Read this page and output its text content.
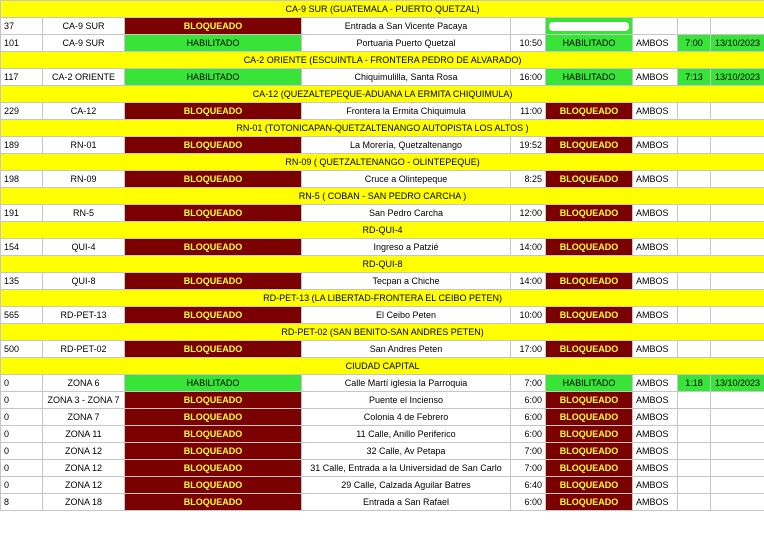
CA-9 SUR (GUATEMALA - PUERTO QUETZAL)								
37	CA-9 SUR	BLOQUEADO	Entrada a San Vicente Pacaya					
101	CA-9 SUR	HABILITADO	Portuaria Puerto Quetzal	10:50	HABILITADO	AMBOS	7:00	13/10/2023
CA-2 ORIENTE (ESCUINTLA - FRONTERA PEDRO DE ALVARADO)								
117	CA-2 ORIENTE	HABILITADO	Chiquimulilla, Santa Rosa	16:00	HABILITADO	AMBOS	7:13	13/10/2023
CA-12 (QUEZALTEPEQUE-ADUANA LA ERMITA CHIQUIMULA)								
229	CA-12	BLOQUEADO	Frontera la Ermita Chiquimula	11:00	BLOQUEADO	AMBOS		
RN-01 (TOTONICAPAN-QUETZALTENANGO AUTOPISTA LOS ALTOS )								
189	RN-01	BLOQUEADO	La Morería, Quetzaltenango	19:52	BLOQUEADO	AMBOS		
RN-09 ( QUETZALTENANGO - OLINTEPEQUE)								
198	RN-09	BLOQUEADO	Cruce a Olintepeque	8:25	BLOQUEADO	AMBOS		
RN-5 ( COBAN - SAN PEDRO CARCHA )								
191	RN-5	BLOQUEADO	San Pedro Carcha	12:00	BLOQUEADO	AMBOS		
RD-QUI-4								
154	QUI-4	BLOQUEADO	Ingreso a Patzié	14:00	BLOQUEADO	AMBOS		
RD-QUI-8								
135	QUI-8	BLOQUEADO	Tecpan a Chiche	14:00	BLOQUEADO	AMBOS		
RD-PET-13 (LA LIBERTAD-FRONTERA EL CEIBO PETEN)								
565	RD-PET-13	BLOQUEADO	El Ceibo Peten	10:00	BLOQUEADO	AMBOS		
RD-PET-02 (SAN BENITO-SAN ANDRES PETEN)								
500	RD-PET-02	BLOQUEADO	San Andres Peten	17:00	BLOQUEADO	AMBOS		
CIUDAD CAPITAL								
0	ZONA 6	HABILITADO	Calle Martí iglesia la Parroquia	7:00	HABILITADO	AMBOS	1:18	13/10/2023
0	ZONA 3 - ZONA 7	BLOQUEADO	Puente el Incienso	6:00	BLOQUEADO	AMBOS		
0	ZONA 7	BLOQUEADO	Colonia 4 de Febrero	6:00	BLOQUEADO	AMBOS		
0	ZONA 11	BLOQUEADO	11 Calle, Anillo Periferico	6:00	BLOQUEADO	AMBOS		
0	ZONA 12	BLOQUEADO	32 Calle, Av Petapa	7:00	BLOQUEADO	AMBOS		
0	ZONA 12	BLOQUEADO	31 Calle, Entrada a la Universidad de San Carlo	7:00	BLOQUEADO	AMBOS		
0	ZONA 12	BLOQUEADO	29 Calle, Calzada Aguilar Batres	6:40	BLOQUEADO	AMBOS		
8	ZONA 18	BLOQUEADO	Entrada a San Rafael	6:00	BLOQUEADO	AMBOS		
